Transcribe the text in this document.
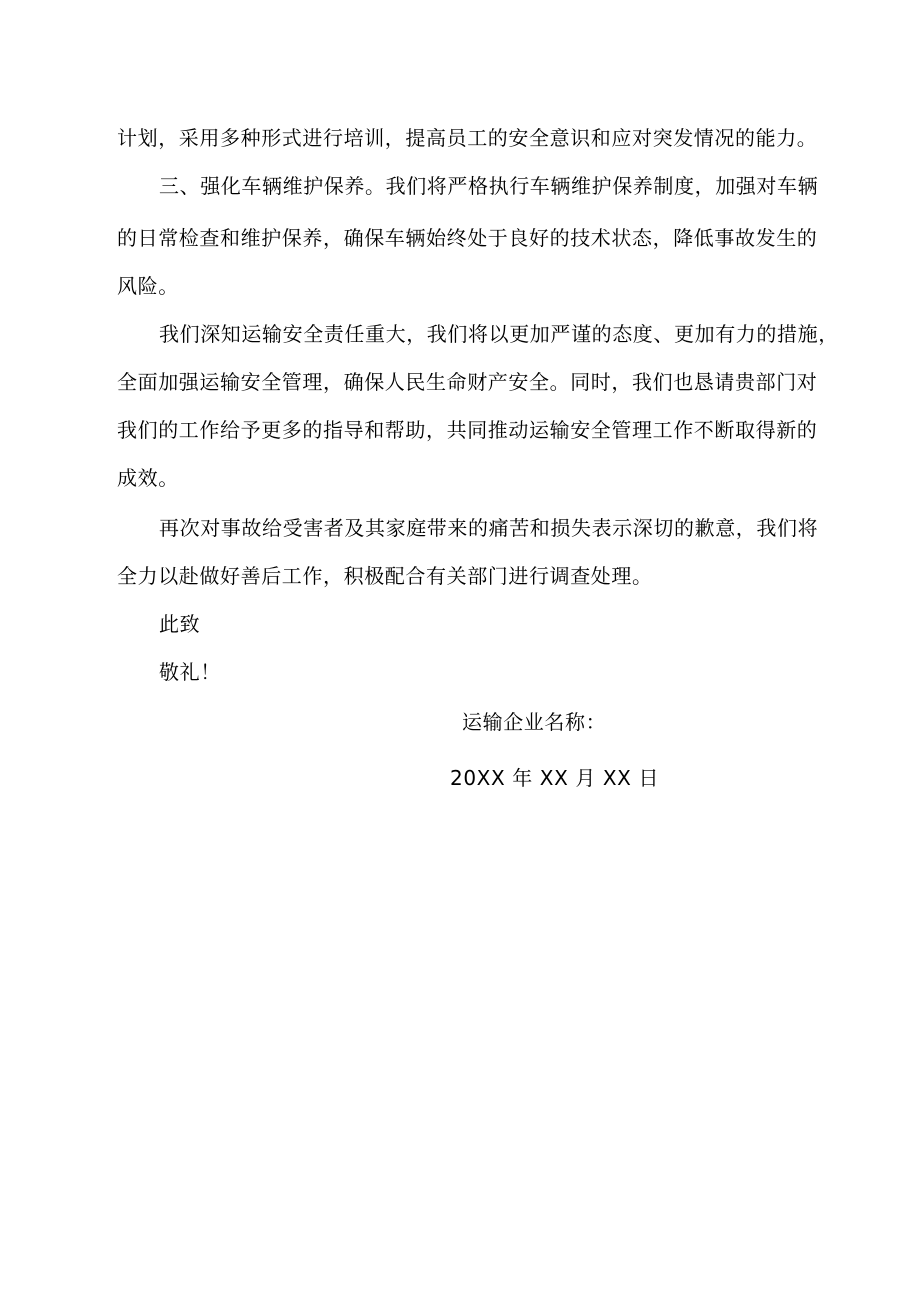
计划，采用多种形式进行培训，提高员工的安全意识和应对突发情况的能力。
三、强化车辆维护保养。我们将严格执行车辆维护保养制度，加强对车辆
的日常检查和维护保养，确保车辆始终处于良好的技术状态，降低事故发生的
风险。
我们深知运输安全责任重大，我们将以更加严谨的态度、更加有力的措施，
全面加强运输安全管理，确保人民生命财产安全。同时，我们也恳请贵部门对
我们的工作给予更多的指导和帮助，共同推动运输安全管理工作不断取得新的
成效。
再次对事故给受害者及其家庭带来的痛苦和损失表示深切的歉意，我们将
全力以赴做好善后工作，积极配合有关部门进行调查处理。
此致
敬礼！
运输企业名称：
20XX 年 XX 月 XX 日
